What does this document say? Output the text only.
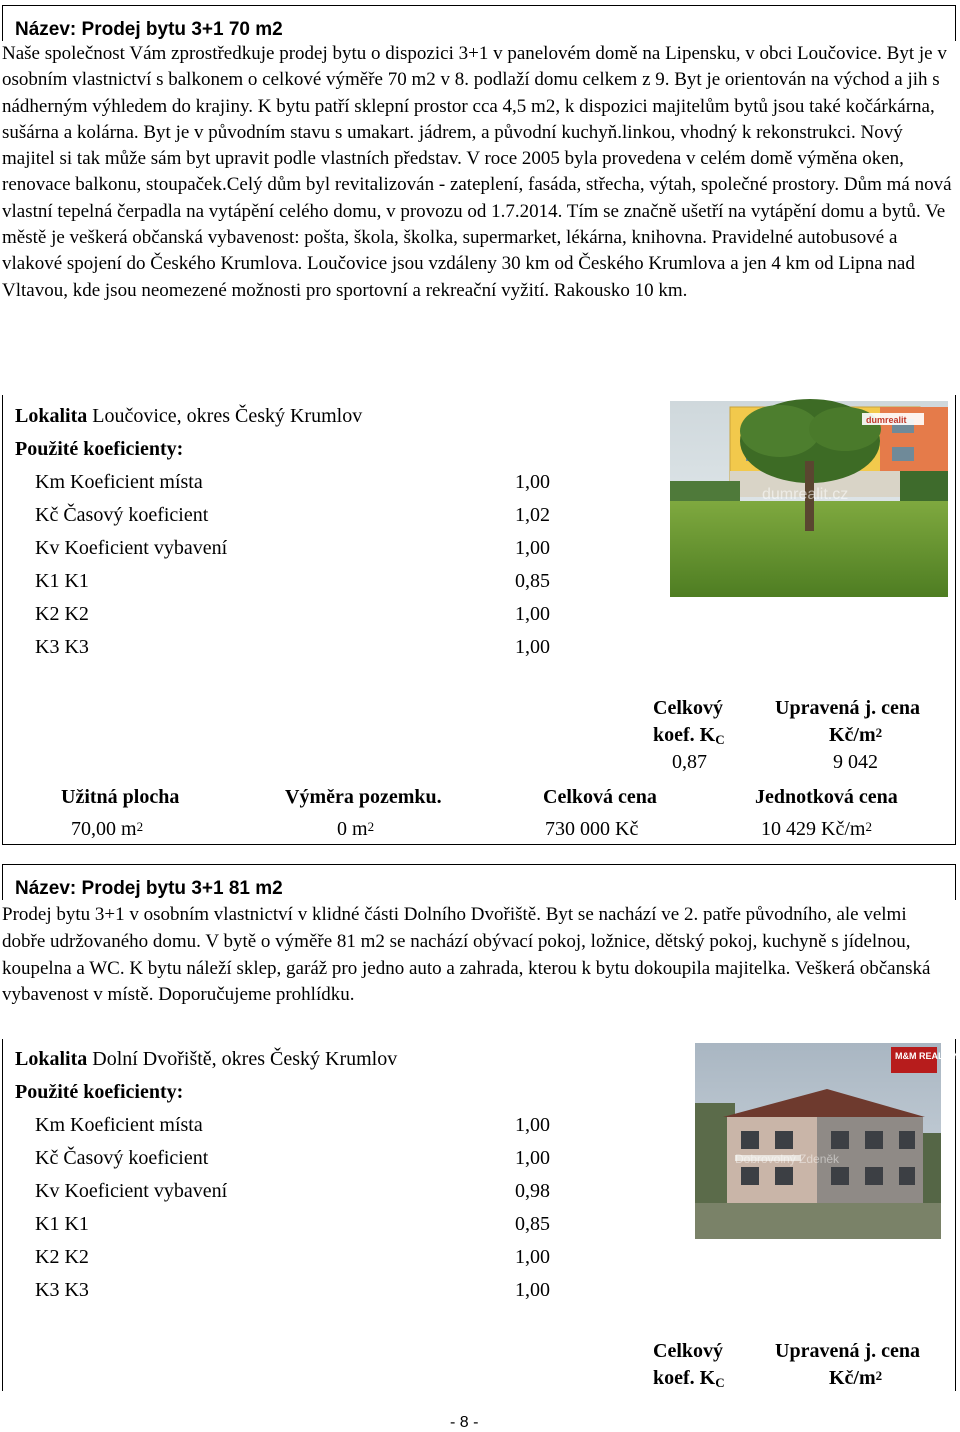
Název: Prodej bytu 3+1 70 m2
Naše společnost Vám zprostředkuje prodej bytu o dispozici 3+1 v panelovém domě na Lipensku, v obci Loučovice. Byt je v osobním vlastnictví s balkonem o celkové výměře 70 m2 v 8. podlaží domu celkem z 9. Byt je orientován na východ a jih s nádherným výhledem do krajiny. K bytu patří sklepní prostor cca 4,5 m2, k dispozici majitelům bytů jsou také kočárkárna, sušárna a kolárna. Byt je v původním stavu s umakart. jádrem, a původní kuchyň.linkou, vhodný k rekonstrukci. Nový majitel si tak může sám byt upravit podle vlastních představ. V roce 2005 byla provedena v celém domě výměna oken, renovace balkonu, stoupaček.Celý dům byl revitalizován - zateplení, fasáda, střecha, výtah, společné prostory. Dům má nová vlastní tepelná čerpadla na vytápění celého domu, v provozu od 1.7.2014. Tím se značně ušetří na vytápění domu a bytů. Ve městě je veškerá občanská vybavenost: pošta, škola, školka, supermarket, lékárna, knihovna. Pravidelné autobusové a vlakové spojení do Českého Krumlova. Loučovice jsou vzdáleny 30 km od Českého Krumlova a jen 4 km od Lipna nad Vltavou, kde jsou neomezené možnosti pro sportovní a rekreační vyžití. Rakousko 10 km.
Lokalita Loučovice, okres Český Krumlov
Použité koeficienty:
Km Koeficient místa	1,00
Kč Časový koeficient	1,02
Kv Koeficient vybavení	1,00
K1 K1	0,85
K2 K2	1,00
K3 K3	1,00
dumrealit
dumrealit.cz
Celkový
koef. $K_C$
0,87
Upravená j. cena
$Kč/m^2$
9 042
Užitná plocha	Výměra pozemku.	Celková cena	Jednotková cena
70,00 $m^2$	0 $m^2$	730 000 Kč	10 429 $Kč/m^2$
Název: Prodej bytu 3+1 81 m2
Prodej bytu 3+1 v osobním vlastnictví v klidné části Dolního Dvořiště. Byt se nachází ve 2. patře původního, ale velmi dobře udržovaného domu. V bytě o výměře 81 m2 se nachází obývací pokoj, ložnice, dětský pokoj, kuchyně s jídelnou, koupelna a WC. K bytu náleží sklep, garáž pro jedno auto a zahrada, kterou k bytu dokoupila majitelka. Veškerá občanská vybavenost v místě. Doporučujeme prohlídku.
Lokalita Dolní Dvořiště, okres Český Krumlov
Použité koeficienty:
Km Koeficient místa	1,00
Kč Časový koeficient	1,00
Kv Koeficient vybavení	0,98
K1 K1	0,85
K2 K2	1,00
K3 K3	1,00
M&M REALITY
Dobrovolný Zdeněk
Celkový
koef. $K_C$
Upravená j. cena
$Kč/m^2$
- 8 -
